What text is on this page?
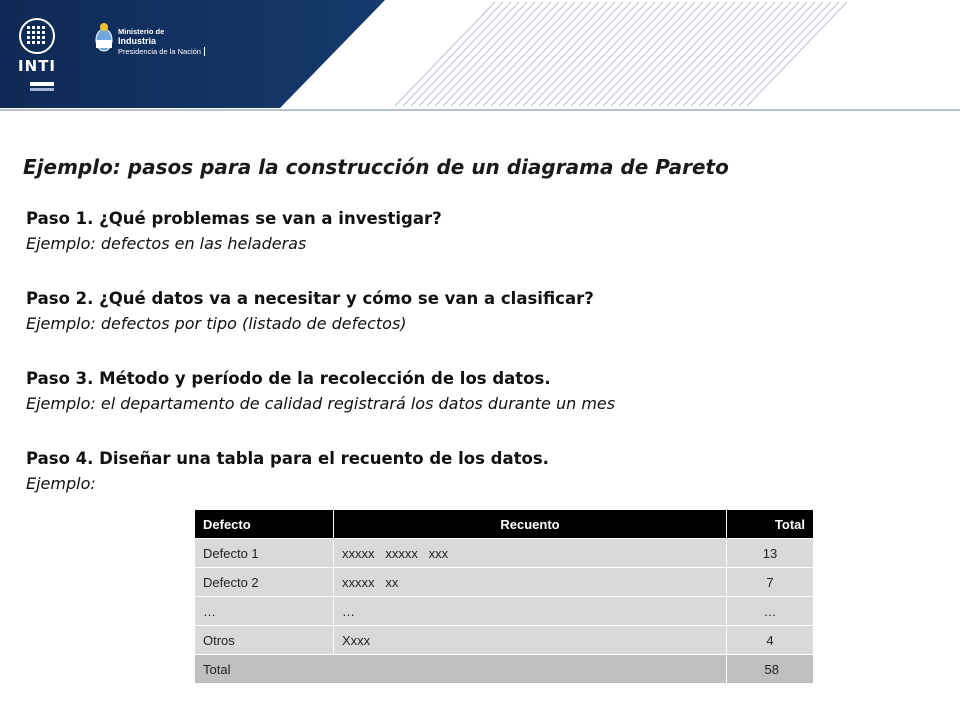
INTI
Ministerio de
Industria
Presidencia de la Nación
Ejemplo: pasos para la construcción de un diagrama de Pareto
Paso 1. ¿Qué problemas se van a investigar?
Ejemplo: defectos en las heladeras
Paso 2. ¿Qué datos va a necesitar y cómo se van a clasificar?
Ejemplo: defectos por tipo (listado de defectos)
Paso 3. Método y período de la recolección de los datos.
Ejemplo: el departamento de calidad registrará los datos durante un mes
Paso 4. Diseñar una tabla para el recuento de los datos.
Ejemplo:
Defecto	Recuento	Total
Defecto 1	xxxxx   xxxxx   xxx	13
Defecto 2	xxxxx   xx	7
…	…	…
Otros	Xxxx	4
Total		58
